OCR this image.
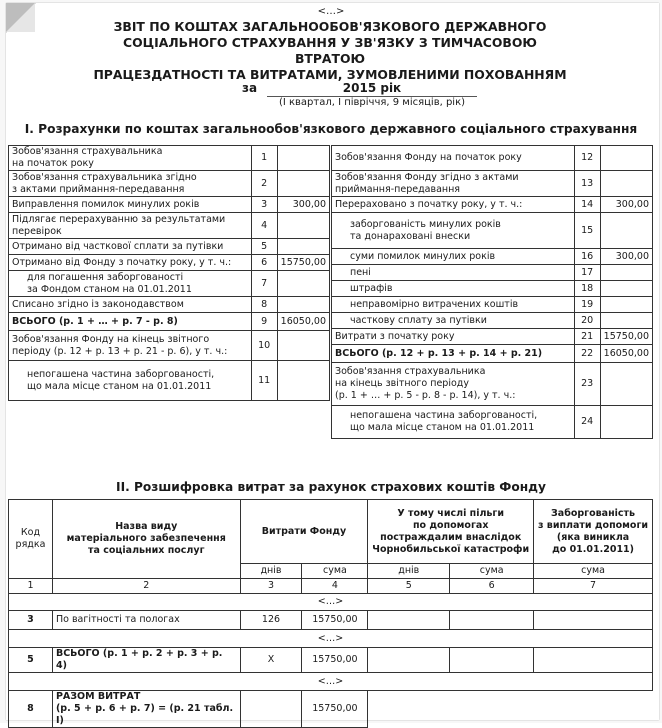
<…>
ЗВІТ ПО КОШТАХ ЗАГАЛЬНООБОВ'ЯЗКОВОГО ДЕРЖАВНОГО
СОЦІАЛЬНОГО СТРАХУВАННЯ У ЗВ'ЯЗКУ З ТИМЧАСОВОЮ ВТРАТОЮ
ПРАЦЕЗДАТНОСТІ ТА ВИТРАТАМИ, ЗУМОВЛЕНИМИ ПОХОВАННЯМ
за	2015 рік
(I квартал, I півріччя, 9 місяців, рік)
I. Розрахунки по коштах загальнообов'язкового державного соціального страхування
Зобов'язання страхувальника
на початок року	1	
Зобов'язання страхувальника згідно
з актами приймання-передавання	2	
Виправлення помилок минулих років	3	300,00
Підлягає перерахуванню за результатами
перевірок	4	
Отримано від часткової сплати за путівки	5	
Отримано від Фонду з початку року, у т. ч.:	6	15750,00
для погашення заборгованості
за Фондом станом на 01.01.2011	7	
Списано згідно із законодавством	8	
ВСЬОГО (р. 1 + … + р. 7 - р. 8)	9	16050,00
Зобов'язання Фонду на кінець звітного
періоду (р. 12 + р. 13 + р. 21 - р. 6), у т. ч.:	10	
непогашена частина заборгованості,
що мала місце станом на 01.01.2011	11	
Зобов'язання Фонду на початок року	12	
Зобов'язання Фонду згідно з актами
приймання-передавання	13	
Перераховано з початку року, у т. ч.:	14	300,00
заборгованість минулих років
та донараховані внески	15	
суми помилок минулих років	16	300,00
пені	17	
штрафів	18	
неправомірно витрачених коштів	19	
часткову сплату за путівки	20	
Витрати з початку року	21	15750,00
ВСЬОГО (р. 12 + р. 13 + р. 14 + р. 21)	22	16050,00
Зобов'язання страхувальника
на кінець звітного періоду
(р. 1 + … + р. 5 - р. 8 - р. 14), у т. ч.:	23	
непогашена частина заборгованості,
що мала місце станом на 01.01.2011	24	
II. Розшифровка витрат за рахунок страхових коштів Фонду
Код
рядка	Назва виду
матеріального забезпечення
та соціальних послуг	Витрати Фонду		У тому числі пільги
по допомогах
постраждалим внаслідок
Чорнобильської катастрофи		Заборгованість
з виплати допомоги
(яка виникла
до 01.01.2011)
		днів	сума	днів	сума	сума
1	2	3	4	5	6	7
<…>						
3	По вагітності та пологах	126	15750,00			
<…>						
5	ВСЬОГО (р. 1 + р. 2 + р. 3 + р. 4)	Х	15750,00			
<…>						
8	РАЗОМ ВИТРАТ
(р. 5 + р. 6 + р. 7) = (р. 21 табл. І)		15750,00			
